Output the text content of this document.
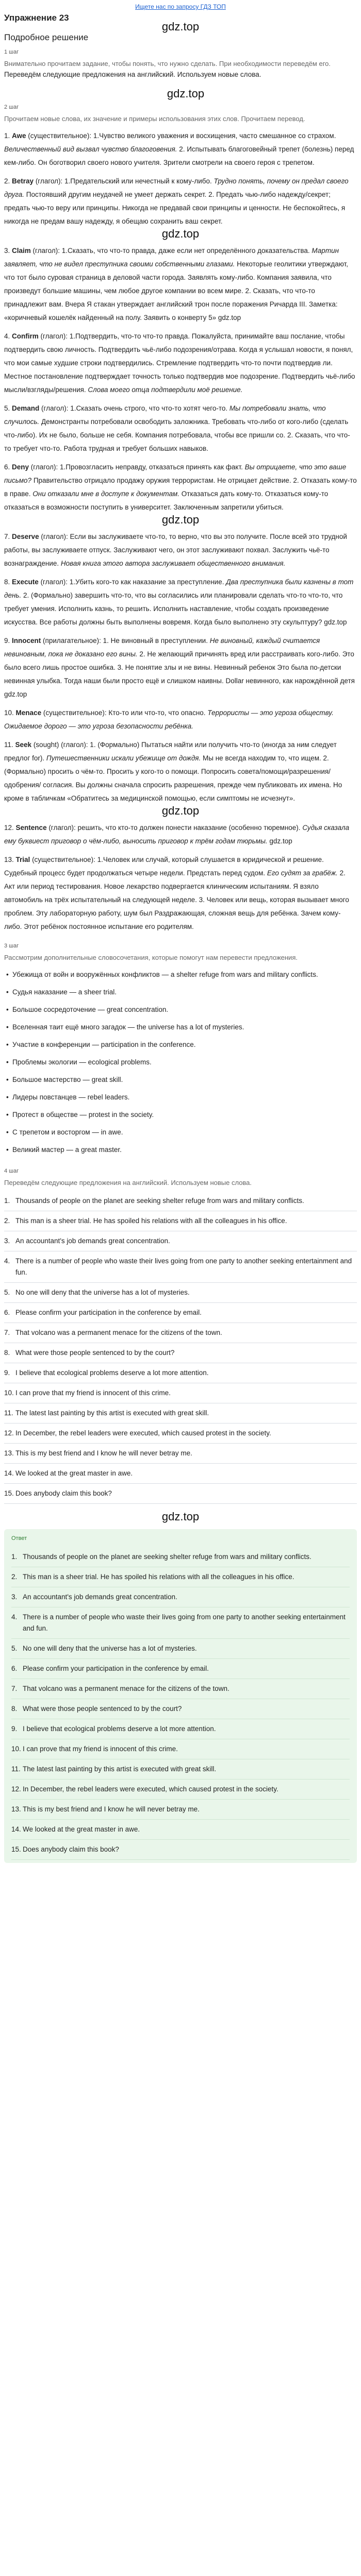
Ищете нас по запросу ГДЗ ТОП
Упражнение 23
gdz.top
Подробное решение
1 шаг
Внимательно прочитаем задание, чтобы понять, что нужно сделать. При необходимости переведём его.
Переведём следующие предложения на английский. Используем новые слова.
gdz.top
2 шаг
Прочитаем новые слова, их значение и примеры использования этих слов. Прочитаем перевод.
1. Awe (существительное): 1.Чувство великого уважения и восхищения, часто смешанное со страхом. Величественный вид вызвал чувство благоговения. 2. Испытывать благоговейный трепет (болезнь) перед кем-либо. Он боготворил своего нового учителя. Зрители смотрели на своего героя с трепетом.
2. Betray (глагол): 1.Предательский или нечестный к кому-либо. Трудно понять, почему он предал своего друга. Постоявший другим неудачей не умеет держать секрет. 2. Предать чью-либо надежду/секрет; предать чью-то веру или принципы. Никогда не предавай свои принципы и ценности. Не беспокойтесь, я никогда не предам вашу надежду, я обещаю сохранить ваш секрет.
gdz.top
3. Claim (глагол): 1.Сказать, что что-то правда, даже если нет определённого доказательства. Мартин заявляет, что не видел преступника своими собственными глазами. Некоторые геолитики утверждают, что тот было суровая страница в деловой части города. Заявлять кому-либо. Компания заявила, что произведут большие машины, чем любое другое компании во всем мире. 2. Сказать, что что-то принадлежит вам. Вчера Я стакан утверждает английский трон после поражения Ричарда III. Заметка: «коричневый кошелёк найденный на полу. Заявить о конверту 5» gdz.top
4. Confirm (глагол): 1.Подтвердить, что-то что-то правда. Пожалуйста, принимайте ваш послание, чтобы подтвердить свою личность. Подтвердить чьё-либо подозрения/отрава. Когда я услышал новости, я понял, что мои самые худшие строки подтвердились. Стремление подтвердить что-то почти подтвердив ли. Местное постановление подтверждает точность только подтвердив мое подозрение. Подтвердить чьё-либо мысли/взгляды/решения. Слова моего отца подтвердили моё решение.
5. Demand (глагол): 1.Сказать очень строго, что что-то хотят чего-то. Мы потребовали знать, что случилось. Демонстранты потребовали освободить заложника. Требовать что-либо от кого-либо (сделать что-либо). Их не было, больше не себя. Компания потребовала, чтобы все пришли со. 2. Сказать, что что-то требует что-то. Работа трудная и требует больших навыков.
6. Deny (глагол): 1.Провозгласить неправду, отказаться принять как факт. Вы отрицаете, что это ваше письмо? Правительство отрицало продажу оружия террористам. Не отрицает действие. 2. Отказать кому-то в праве. Они отказали мне в доступе к документам. Отказаться дать кому-то. Отказаться кому-то отказаться в возможности поступить в университет. Заключенным запретили убиться.
gdz.top
7. Deserve (глагол): Если вы заслуживаете что-то, то верно, что вы это получите. После всей это трудной работы, вы заслуживаете отпуск. Заслуживают чего, он этот заслуживают похвал. Заслужить чьё-то вознаграждение. Новая книга этого автора заслуживает общественного внимания.
8. Execute (глагол): 1.Убить кого-то как наказание за преступление. Два преступника были казнены в тот день. 2. (Формально) завершить что-то, что вы согласились или планировали сделать что-то что-то, что требует умения. Исполнить казнь, то решить. Исполнить наставление, чтобы создать произведение искусства. Все работы должны быть выполнены вовремя. Когда было выполнено эту скульптуру? gdz.top
9. Innocent (прилагательное): 1. Не виновный в преступлении. Не виновный, каждый считается невиновным, пока не доказано его вины. 2. Не желающий причинять вред или расстраивать кого-либо. Это было всего лишь простое ошибка. 3. Не понятие злы и не вины. Невинный ребенок Это была по-детски невинная улыбка. Тогда наши были просто ещё и слишком наивны. Dollar невинного, как нарождённой детя gdz.top
10. Menace (существительное): Кто-то или что-то, что опасно. Террористы — это угроза обществу. Ожидаемое дорого — это угроза безопасности ребёнка.
11. Seek (sought) (глагол): 1. (Формально) Пытаться найти или получить что-то (иногда за ним следует предлог for). Путешественники искали убежище от дождя. Мы не всегда находим то, что ищем. 2. (Формально) просить о чём-то. Просить у кого-то о помощи. Попросить совета/помощи/разрешения/одобрения/ согласия. Вы должны сначала спросить разрешения, прежде чем публиковать их имена. Но кроме в табличкам «Обратитесь за медицинской помощью, если симптомы не исчезнут».
gdz.top
12. Sentence (глагол): решить, что кто-то должен понести наказание (особенно тюремное). Судья сказала ему буквиест приговор о чём-либо, выносить приговор к трём годам тюрьмы. gdz.top
13. Trial (существительное): 1.Человек или случай, который слушается в юридической и решение. Судебный процесс будет продолжаться четыре недели. Предстать перед судом. Его судят за грабёж. 2. Акт или период тестирования. Новое лекарство подвергается клиническим испытаниям. Я взяло автомобиль на трёх испытательный на следующей неделе. 3. Человек или вещь, которая вызывает много проблем. Эту лабораторную работу, шум был Раздражающая, сложная вещь для ребёнка. Зачем кому-либо. Этот ребёнок постоянное испытание его родителям.
3 шаг
Рассмотрим дополнительные словосочетания, которые помогут нам перевести предложения.
• Убежища от войн и вооружённых конфликтов — a shelter refuge from wars and military conflicts.
• Судья наказание — a sheer trial.
• Большое сосредоточение — great concentration.
• Вселенная таит ещё много загадок — the universe has a lot of mysteries.
• Участие в конференции — participation in the conference.
• Проблемы экологии — ecological problems.
• Большое мастерство — great skill.
• Лидеры повстанцев — rebel leaders.
• Протест в обществе — protest in the society.
• С трепетом и восторгом — in awe.
• Великий мастер — a great master.
4 шаг
Переведём следующие предложения на английский. Используем новые слова.
1. Thousands of people on the planet are seeking shelter refuge from wars and military conflicts.
2. This man is a sheer trial. He has spoiled his relations with all the colleagues in his office.
3. An accountant's job demands great concentration.
4. There is a number of people who waste their lives going from one party to another seeking entertainment and fun.
5. No one will deny that the universe has a lot of mysteries.
6. Please confirm your participation in the conference by email.
7. That volcano was a permanent menace for the citizens of the town.
8. What were those people sentenced to by the court?
9. I believe that ecological problems deserve a lot more attention.
10. I can prove that my friend is innocent of this crime.
11. The latest last painting by this artist is executed with great skill.
12. In December, the rebel leaders were executed, which caused protest in the society.
13. This is my best friend and I know he will never betray me.
14. We looked at the great master in awe.
15. Does anybody claim this book?
gdz.top
Ответ
1. Thousands of people on the planet are seeking shelter refuge from wars and military conflicts.
2. This man is a sheer trial. He has spoiled his relations with all the colleagues in his office.
3. An accountant's job demands great concentration.
4. There is a number of people who waste their lives going from one party to another seeking entertainment and fun.
5. No one will deny that the universe has a lot of mysteries.
6. Please confirm your participation in the conference by email.
7. That volcano was a permanent menace for the citizens of the town.
8. What were those people sentenced to by the court?
9. I believe that ecological problems deserve a lot more attention.
10. I can prove that my friend is innocent of this crime.
11. The latest last painting by this artist is executed with great skill.
12. In December, the rebel leaders were executed, which caused protest in the society.
13. This is my best friend and I know he will never betray me.
14. We looked at the great master in awe.
15. Does anybody claim this book?
